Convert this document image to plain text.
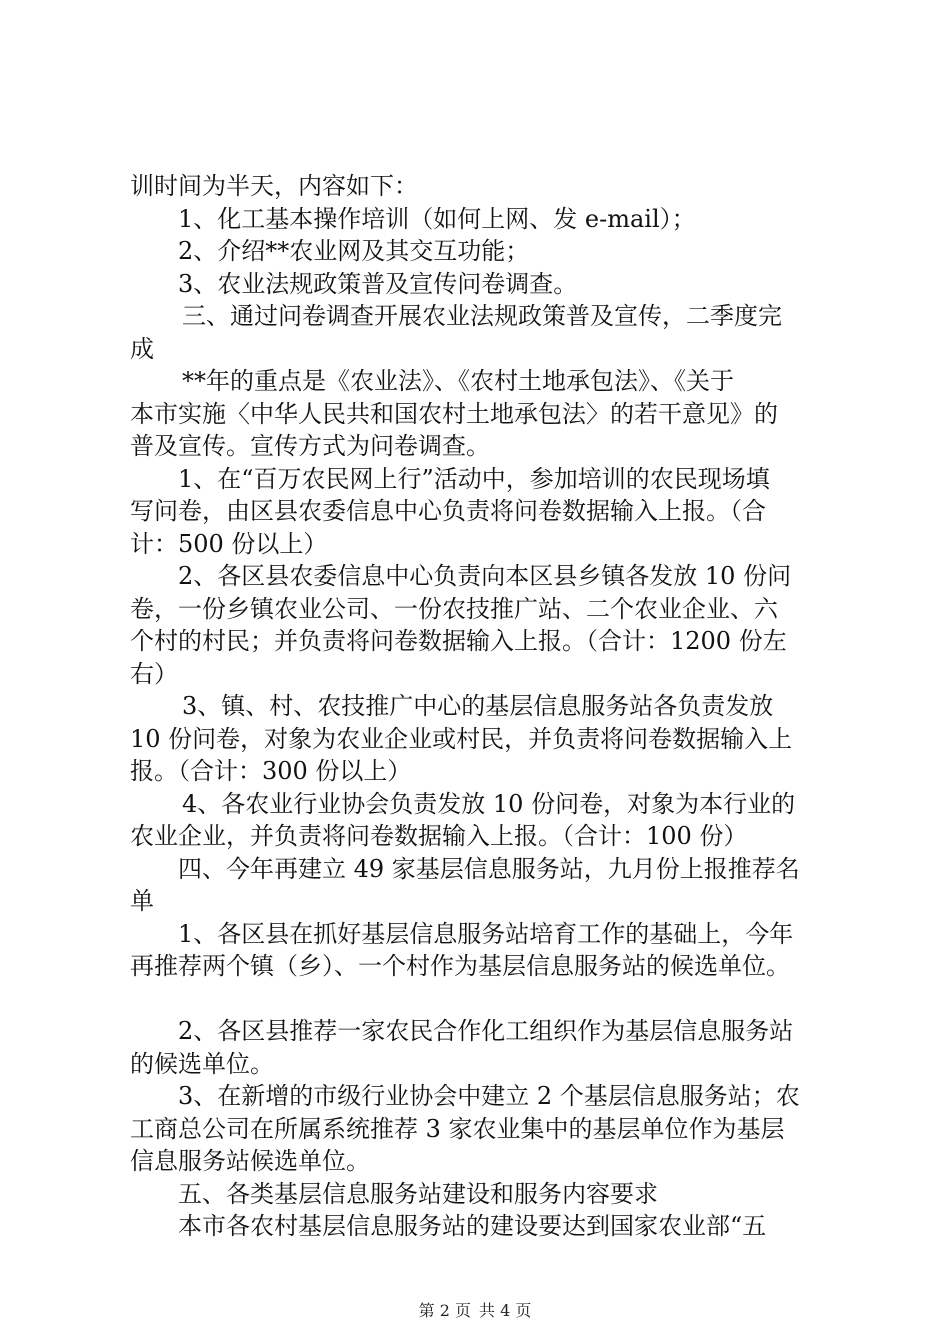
训时间为半天，内容如下：
1、化工基本操作培训（如何上网、发 e-mail）；
2、介绍**农业网及其交互功能；
3、农业法规政策普及宣传问卷调查。
三、通过问卷调查开展农业法规政策普及宣传，二季度完
成
**年的重点是《农业法》、《农村土地承包法》、《关于
本市实施〈中华人民共和国农村土地承包法〉的若干意见》的
普及宣传。宣传方式为问卷调查。
1、在“百万农民网上行”活动中，参加培训的农民现场填
写问卷，由区县农委信息中心负责将问卷数据输入上报。（合
计：500 份以上）
2、各区县农委信息中心负责向本区县乡镇各发放 10 份问
卷，一份乡镇农业公司、一份农技推广站、二个农业企业、六
个村的村民；并负责将问卷数据输入上报。（合计：1200 份左
右）
3、镇、村、农技推广中心的基层信息服务站各负责发放
10 份问卷，对象为农业企业或村民，并负责将问卷数据输入上
报。（合计：300 份以上）
4、各农业行业协会负责发放 10 份问卷，对象为本行业的
农业企业，并负责将问卷数据输入上报。（合计：100 份）
四、今年再建立 49 家基层信息服务站，九月份上报推荐名
单
1、各区县在抓好基层信息服务站培育工作的基础上，今年
再推荐两个镇（乡）、一个村作为基层信息服务站的候选单位。
2、各区县推荐一家农民合作化工组织作为基层信息服务站
的候选单位。
3、在新增的市级行业协会中建立 2 个基层信息服务站；农
工商总公司在所属系统推荐 3 家农业集中的基层单位作为基层
信息服务站候选单位。
五、各类基层信息服务站建设和服务内容要求
本市各农村基层信息服务站的建设要达到国家农业部“五
第 2 页 共 4 页
